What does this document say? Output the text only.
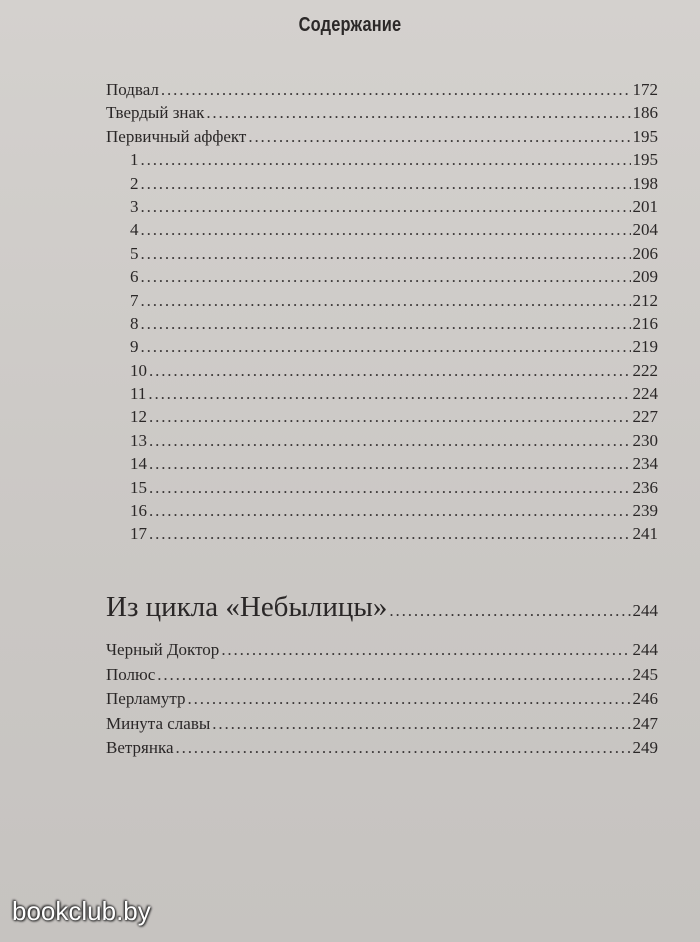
Содержание
Подвал . . .	172
Твердый знак . . .	186
Первичный аффект . . .	195
1 . . .	195
2 . . .	198
3 . . .	201
4 . . .	204
5 . . .	206
6 . . .	209
7 . . .	212
8 . . .	216
9 . . .	219
10 . . .	222
11 . . .	224
12 . . .	227
13 . . .	230
14 . . .	234
15 . . .	236
16 . . .	239
17 . . .	241
Из цикла «Небылицы» . . .	244
Черный Доктор . . .	244
Полюс . . .	245
Перламутр . . .	246
Минута славы . . .	247
Ветрянка . . .	249
bookclub.by
